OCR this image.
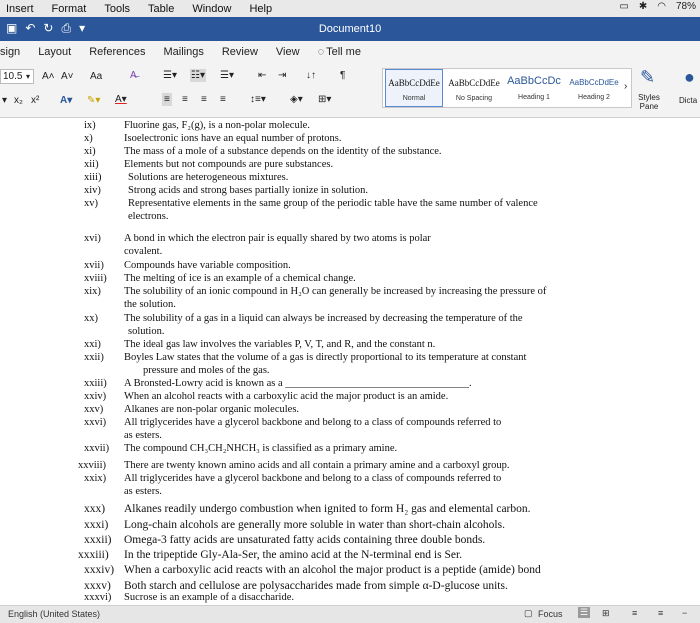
Insert Format Tools Table Window Help	▭ ✱ ◠ 78%
▣ ↶ ↻ ⎙ ▾	Document10
sign Layout References Mailings Review View ◌ Tell me
10.5 ▾ A˄ A˅ Aa	A̶	☰▾ ☷▾ ☰▾ ⇤ ⇥ ↓↑ ¶
▾ x₂ x² A▾ ✎▾ A▾	≡ ≡ ≡ ≡ ↕≡▾ ◈▾ ⊞▾
AaBbCcDdEe
Normal
AaBbCcDdEe
No Spacing
AaBbCcDc
Heading 1
AaBbCcDdEe
Heading 2
› ✎
Styles Pane
●
Dicta
ix)	Fluorine gas, F₂(g), is a non-polar molecule.
x)	Isoelectronic ions have an equal number of protons.
xi)	The mass of a mole of a substance depends on the identity of the substance.
xii)	Elements but not compounds are pure substances.
xiii)	Solutions are heterogeneous mixtures.
xiv)	Strong acids and strong bases partially ionize in solution.
xv)	Representative elements in the same group of the periodic table have the same number of valence
electrons.
xvi)	A bond in which the electron pair is equally shared by two atoms is polar
covalent.
xvii)	Compounds have variable composition.
xviii)	The melting of ice is an example of a chemical change.
xix)	The solubility of an ionic compound in H₂O can generally be increased by increasing the pressure of
the solution.
xx)	The solubility of a gas in a liquid can always be increased by decreasing the temperature of the
solution.
xxi)	The ideal gas law involves the variables P, V, T, and R, and the constant n.
xxii)	Boyles Law states that the volume of a gas is directly proportional to its temperature at constant
pressure and moles of the gas.
xxiii)	A Bronsted-Lowry acid is known as a ___________________________________.
xxiv)	When an alcohol reacts with a carboxylic acid the major product is an amide.
xxv)	Alkanes are non-polar organic molecules.
xxvi)	All triglycerides have a glycerol backbone and belong to a class of compounds referred to
as esters.
xxvii)	The compound CH₃CH₂NHCH₃ is classified as a primary amine.
xxviii)	There are twenty known amino acids and all contain a primary amine and a carboxyl group.
xxix)	All triglycerides have a glycerol backbone and belong to a class of compounds referred to
as esters.
xxx)	Alkanes readily undergo combustion when ignited to form H₂ gas and elemental carbon.
xxxi)	Long-chain alcohols are generally more soluble in water than short-chain alcohols.
xxxii)	Omega-3 fatty acids are unsaturated fatty acids containing three double bonds.
xxxiii)	In the tripeptide Gly-Ala-Ser, the amino acid at the N-terminal end is Ser.
xxxiv) When a carboxylic acid reacts with an alcohol the major product is a peptide (amide) bond
xxxv)	Both starch and cellulose are polysaccharides made from simple α-D-glucose units.
xxxvi)	Sucrose is an example of a disaccharide.
English (United States)	▢ Focus ☰ ⊞ ≡ ≡ −
